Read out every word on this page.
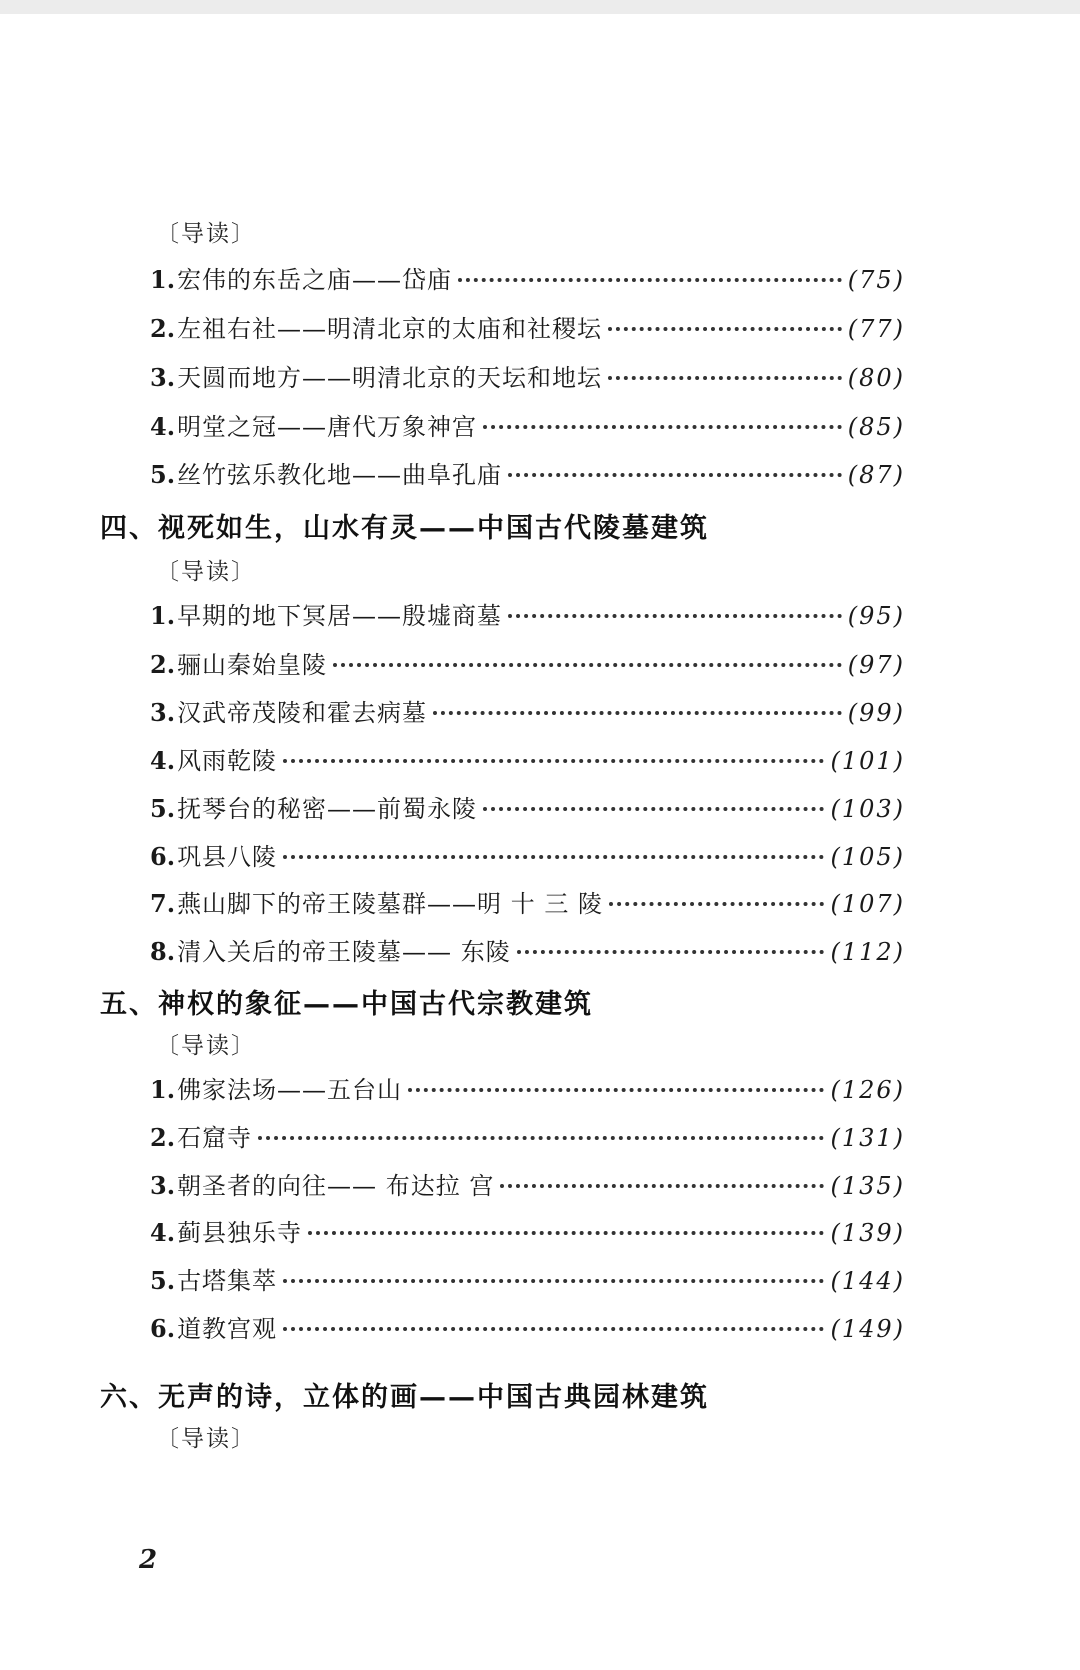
〔导读〕
1. 宏伟的东岳之庙——岱庙	(75)
2. 左祖右社——明清北京的太庙和社稷坛	(77)
3. 天圆而地方——明清北京的天坛和地坛	(80)
4. 明堂之冠——唐代万象神宫	(85)
5. 丝竹弦乐教化地——曲阜孔庙	(87)
四、视死如生，山水有灵——中国古代陵墓建筑
〔导读〕
1. 早期的地下冥居——殷墟商墓	(95)
2. 骊山秦始皇陵	(97)
3. 汉武帝茂陵和霍去病墓	(99)
4. 风雨乾陵	(101)
5. 抚琴台的秘密——前蜀永陵	(103)
6. 巩县八陵	(105)
7. 燕山脚下的帝王陵墓群——明 十 三 陵	(107)
8. 清入关后的帝王陵墓—— 东陵	(112)
五、神权的象征——中国古代宗教建筑
〔导读〕
1. 佛家法场——五台山	(126)
2. 石窟寺	(131)
3. 朝圣者的向往—— 布达拉 宫	(135)
4. 蓟县独乐寺	(139)
5. 古塔集萃	(144)
6. 道教宫观	(149)
六、无声的诗，立体的画——中国古典园林建筑
〔导读〕
2
